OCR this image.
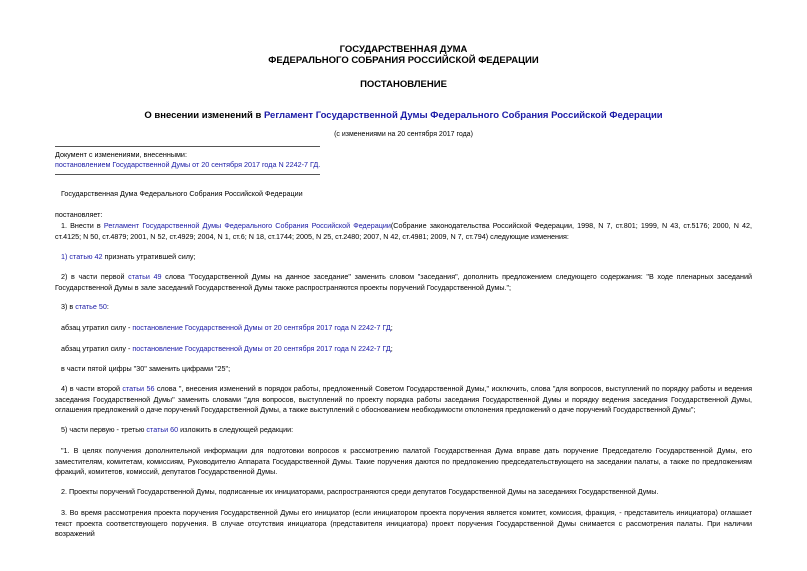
ГОСУДАРСТВЕННАЯ ДУМА
ФЕДЕРАЛЬНОГО СОБРАНИЯ РОССИЙСКОЙ ФЕДЕРАЦИИ
ПОСТАНОВЛЕНИЕ
О внесении изменений в Регламент Государственной Думы Федерального Собрания Российской Федерации
(с изменениями на 20 сентября 2017 года)
Документ с изменениями, внесенными:
постановлением Государственной Думы от 20 сентября 2017 года N 2242-7 ГД.
Государственная Дума Федерального Собрания Российской Федерации
постановляет:
1. Внести в Регламент Государственной Думы Федерального Собрания Российской Федерации(Собрание законодательства Российской Федерации, 1998, N 7, ст.801; 1999, N 43, ст.5176; 2000, N 42, ст.4125; N 50, ст.4879; 2001, N 52, ст.4929; 2004, N 1, ст.6; N 18, ст.1744; 2005, N 25, ст.2480; 2007, N 42, ст.4981; 2009, N 7, ст.794) следующие изменения:
1) статью 42 признать утратившей силу;
2) в части первой статьи 49 слова "Государственной Думы на данное заседание" заменить словом "заседания", дополнить предложением следующего содержания: "В ходе пленарных заседаний Государственной Думы в зале заседаний Государственной Думы также распространяются проекты поручений Государственной Думы.";
3) в статье 50:
абзац утратил силу - постановление Государственной Думы от 20 сентября 2017 года N 2242-7 ГД;
абзац утратил силу - постановление Государственной Думы от 20 сентября 2017 года N 2242-7 ГД;
в части пятой цифры "30" заменить цифрами "25";
4) в части второй статьи 56 слова ", внесения изменений в порядок работы, предложенный Советом Государственной Думы," исключить, слова "для вопросов, выступлений по порядку работы и ведения заседания Государственной Думы" заменить словами "для вопросов, выступлений по проекту порядка работы заседания Государственной Думы и порядку ведения заседания Государственной Думы, оглашения предложений о даче поручений Государственной Думы, а также выступлений с обоснованием необходимости отклонения предложений о даче поручений Государственной Думы";
5) части первую - третью статьи 60 изложить в следующей редакции:
"1. В целях получения дополнительной информации для подготовки вопросов к рассмотрению палатой Государственная Дума вправе дать поручение Председателю Государственной Думы, его заместителям, комитетам, комиссиям, Руководителю Аппарата Государственной Думы. Такие поручения даются по предложению председательствующего на заседании палаты, а также по предложениям фракций, комитетов, комиссий, депутатов Государственной Думы.
2. Проекты поручений Государственной Думы, подписанные их инициаторами, распространяются среди депутатов Государственной Думы на заседаниях Государственной Думы.
3. Во время рассмотрения проекта поручения Государственной Думы его инициатор (если инициатором проекта поручения является комитет, комиссия, фракция, - представитель инициатора) оглашает текст проекта соответствующего поручения. В случае отсутствия инициатора (представителя инициатора) проект поручения Государственной Думы снимается с рассмотрения палаты. При наличии возражений
